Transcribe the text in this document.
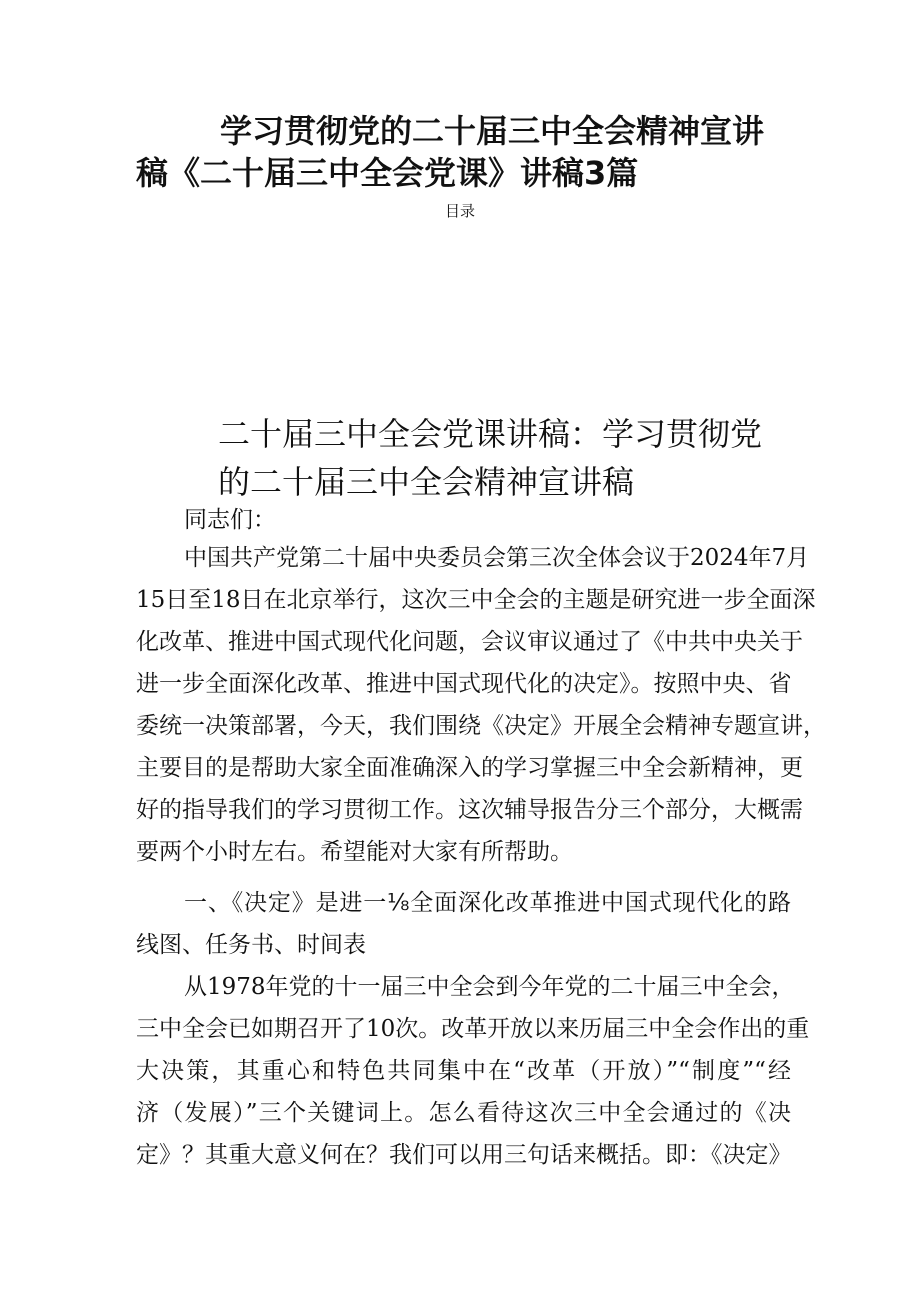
学习贯彻党的二十届三中全会精神宣讲
稿《二十届三中全会党课》讲稿3篇
目录
二十届三中全会党课讲稿：学习贯彻党
的二十届三中全会精神宣讲稿
同志们：
中国共产党第二十届中央委员会第三次全体会议于2024年7月
15日至18日在北京举行，这次三中全会的主题是研究进一步全面深
化改革、推进中国式现代化问题，会议审议通过了《中共中央关于
进一步全面深化改革、推进中国式现代化的决定》。按照中央、省
委统一决策部署，今天，我们围绕《决定》开展全会精神专题宣讲，
主要目的是帮助大家全面准确深入的学习掌握三中全会新精神，更
好的指导我们的学习贯彻工作。这次辅导报告分三个部分，大概需
要两个小时左右。希望能对大家有所帮助。
一、《决定》是进一⅛全面深化改革推进中国式现代化的路
线图、任务书、时间表
从1978年党的十一届三中全会到今年党的二十届三中全会，
三中全会已如期召开了10次。改革开放以来历届三中全会作出的重
大决策，其重心和特色共同集中在“改革（开放）”“制度”“经
济（发展）”三个关键词上。怎么看待这次三中全会通过的《决
定》？其重大意义何在？我们可以用三句话来概括。即：《决定》
